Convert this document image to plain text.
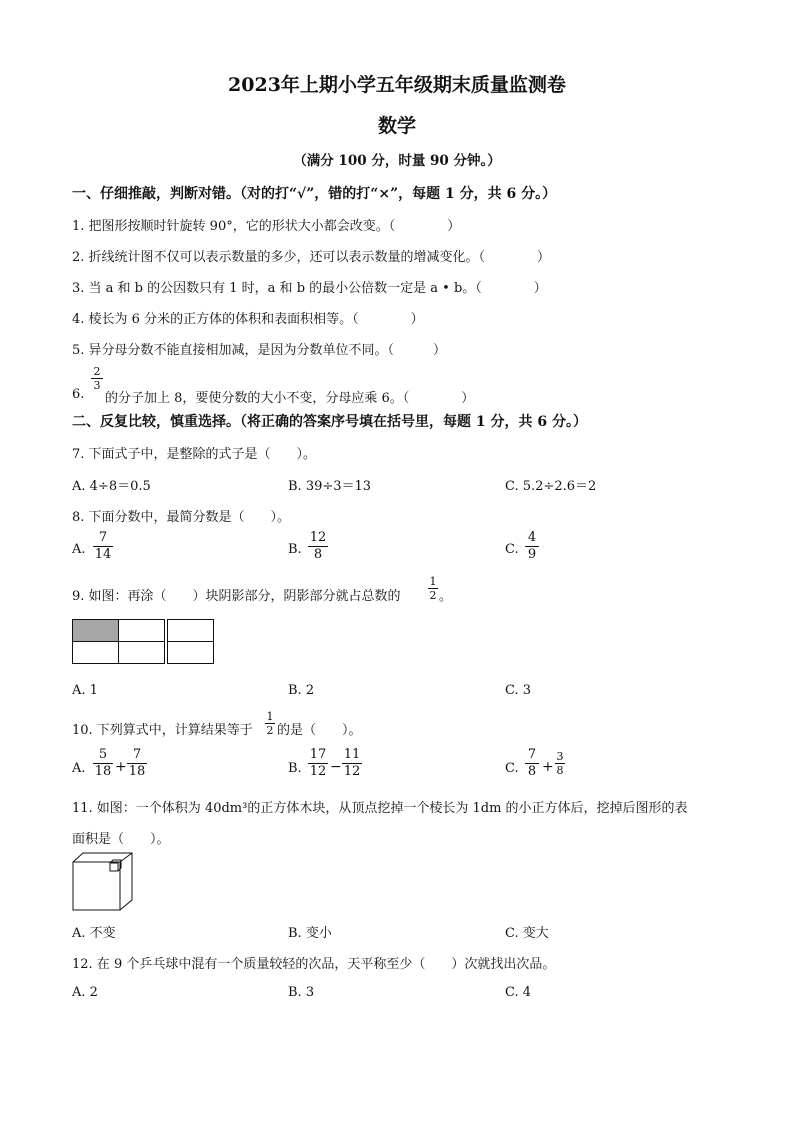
2023年上期小学五年级期末质量监测卷
数学
（满分 100 分，时量 90 分钟。）
一、仔细推敲，判断对错。（对的打“√”，错的打“×”，每题 1 分，共 6 分。）
1. 把图形按顺时针旋转 90°，它的形状大小都会改变。（　　　　）
2. 折线统计图不仅可以表示数量的多少，还可以表示数量的增减变化。（　　　　）
3. 当 a 和 b 的公因数只有 1 时，a 和 b 的最小公倍数一定是 a • b。（　　　　）
4. 棱长为 6 分米的正方体的体积和表面积相等。（　　　　）
5. 异分母分数不能直接相加减，是因为分数单位不同。（　　　）
6.
2
3
的分子加上 8，要使分数的大小不变，分母应乘 6。（　　　　）
二、反复比较，慎重选择。（将正确的答案序号填在括号里，每题 1 分，共 6 分。）
7. 下面式子中，是整除的式子是（　　）。
A. 4÷8＝0.5	B. 39÷3＝13	C. 5.2÷2.6＝2
8. 下面分数中，最简分数是（　　）。
A.
7
14	B.
12
8	C.
4
9
9. 如图：再涂（　　）块阴影部分，阴影部分就占总数的
1
2 。
A. 1	B. 2	C. 3
10. 下列算式中，计算结果等于
1
2 的是（　　）。
A.
5
18 +
7
18	B.
17
12 −
11
12	C.
7
8 +
3
8
11. 如图：一个体积为 40dm³的正方体木块，从顶点挖掉一个棱长为 1dm 的小正方体后，挖掉后图形的表
面积是（　　）。
A. 不变	B. 变小	C. 变大
12. 在 9 个乒乓球中混有一个质量较轻的次品，天平称至少（　　）次就找出次品。
A. 2	B. 3	C. 4
